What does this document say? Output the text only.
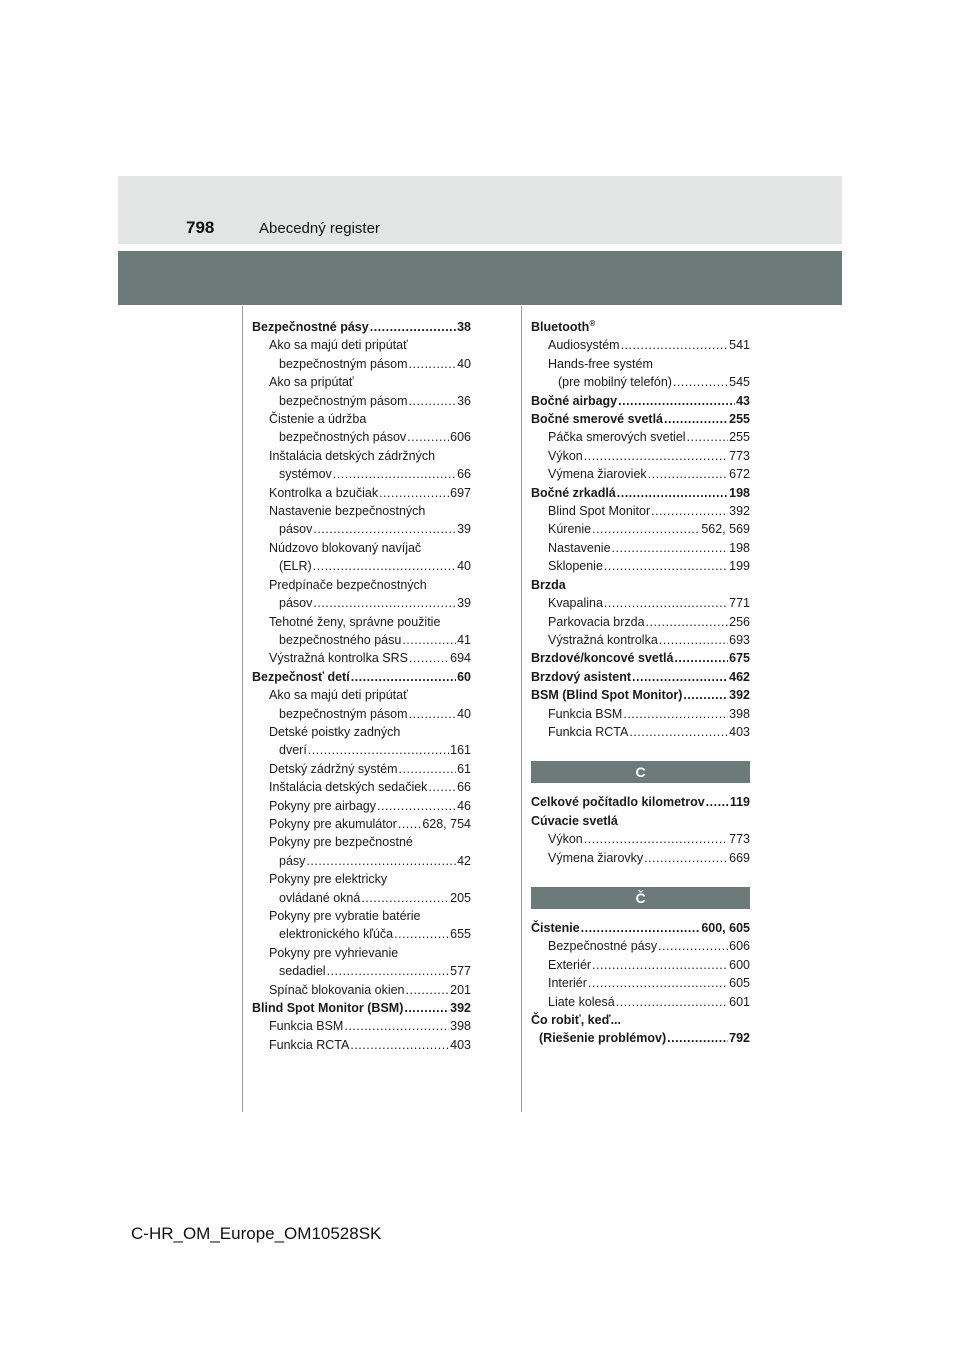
798	Abecedný register
Bezpečnostné pásy .....	38
Ako sa majú deti pripútať
bezpečnostným pásom .....	40
Ako sa pripútať
bezpečnostným pásom .....	36
Čistenie a údržba
bezpečnostných pásov .....	606
Inštalácia detských zádržných
systémov .....	66
Kontrolka a bzučiak .....	697
Nastavenie bezpečnostných
pásov .....	39
Núdzovo blokovaný navíjač
(ELR) .....	40
Predpínače bezpečnostných
pásov .....	39
Tehotné ženy, správne použitie
bezpečnostného pásu .....	41
Výstražná kontrolka SRS .....	694
Bezpečnosť detí .....	60
Ako sa majú deti pripútať
bezpečnostným pásom .....	40
Detské poistky zadných
dverí .....	161
Detský zádržný systém .....	61
Inštalácia detských sedačiek ..... 66
Pokyny pre airbagy .....	46
Pokyny pre akumulátor ..... 628, 754
Pokyny pre bezpečnostné
pásy .....	42
Pokyny pre elektricky
ovládané okná .....	205
Pokyny pre vybratie batérie
elektronického kľúča .....	655
Pokyny pre vyhrievanie
sedadiel .....	577
Spínač blokovania okien .....	201
Blind Spot Monitor (BSM) .....	392
Funkcia BSM .....	398
Funkcia RCTA .....	403
Bluetooth®
Audiosystém .....	541
Hands-free systém
(pre mobilný telefón) .....	545
Bočné airbagy .....	43
Bočné smerové svetlá .....	255
Páčka smerových svetiel .....	255
Výkon .....	773
Výmena žiaroviek .....	672
Bočné zrkadlá .....	198
Blind Spot Monitor .....	392
Kúrenie .....	562, 569
Nastavenie .....	198
Sklopenie .....	199
Brzda
Kvapalina .....	771
Parkovacia brzda .....	256
Výstražná kontrolka .....	693
Brzdové/koncové svetlá .....	675
Brzdový asistent .....	462
BSM (Blind Spot Monitor) .....	392
Funkcia BSM .....	398
Funkcia RCTA .....	403
C
Celkové počítadlo kilometrov ..... 119
Cúvacie svetlá
Výkon .....	773
Výmena žiarovky .....	669
Č
Čistenie .....	600, 605
Bezpečnostné pásy .....	606
Exteriér .....	600
Interiér .....	605
Liate kolesá .....	601
Čo robiť, keď...
(Riešenie problémov) .....	792
C-HR_OM_Europe_OM10528SK
